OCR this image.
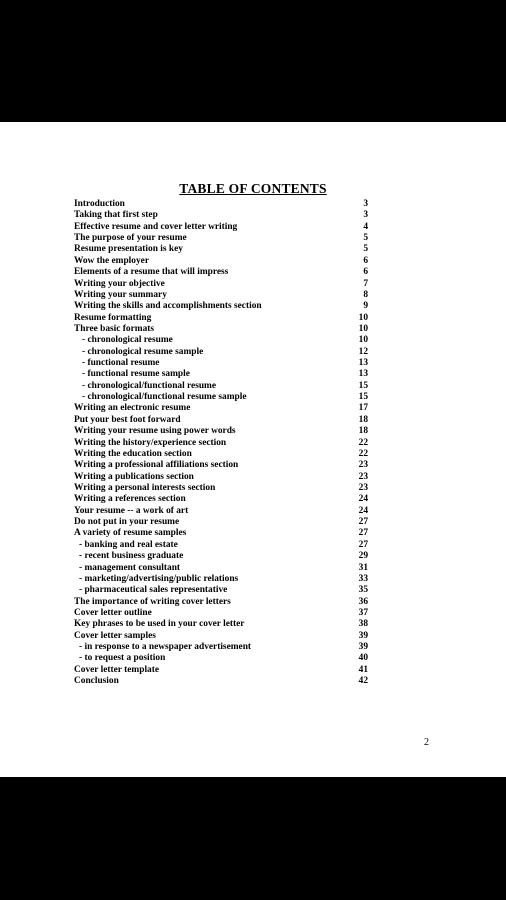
TABLE OF CONTENTS
Introduction	3
Taking that first step	3
Effective resume and cover letter writing	4
The purpose of your resume	5
Resume presentation is key	5
Wow the employer	6
Elements of a resume that will impress	6
Writing your objective	7
Writing your summary	8
Writing the skills and accomplishments section	9
Resume formatting	10
Three basic formats	10
- chronological resume	10
- chronological resume sample	12
- functional resume	13
- functional resume sample	13
- chronological/functional resume	15
- chronological/functional resume sample	15
Writing an electronic resume	17
Put your best foot forward	18
Writing your resume using power words	18
Writing the history/experience section	22
Writing the education section	22
Writing a professional affiliations section	23
Writing a publications section	23
Writing a personal interests section	23
Writing a references section	24
Your resume -- a work of art	24
Do not put in your resume	27
A variety of resume samples	27
- banking and real estate	27
- recent business graduate	29
- management consultant	31
- marketing/advertising/public relations	33
- pharmaceutical sales representative	35
The importance of writing cover letters	36
Cover letter outline	37
Key phrases to be used in your cover letter	38
Cover letter samples	39
- in response to a newspaper advertisement	39
- to request a position	40
Cover letter template	41
Conclusion	42
2
